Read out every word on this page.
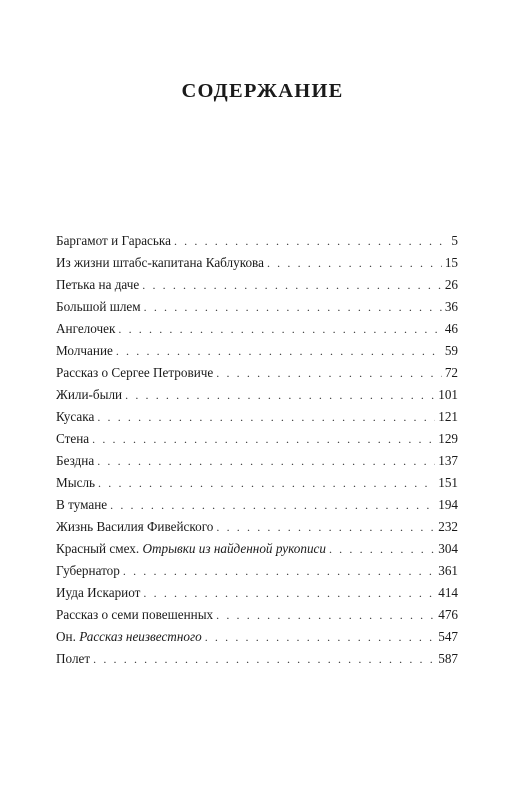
СОДЕРЖАНИЕ
Баргамот и Гараська . . .	5
Из жизни штабс-капитана Каблукова . . .	15
Петька на даче . . .	26
Большой шлем . . .	36
Ангелочек . . .	46
Молчание . . .	59
Рассказ о Сергее Петровиче . . .	72
Жили-были . . .	101
Кусака . . .	121
Стена . . .	129
Бездна . . .	137
Мысль . . .	151
В тумане . . .	194
Жизнь Василия Фивейского . . .	232
Красный смех. Отрывки из найденной рукописи . . .	304
Губернатор . . .	361
Иуда Искариот . . .	414
Рассказ о семи повешенных . . .	476
Он. Рассказ неизвестного . . .	547
Полет . . .	587
